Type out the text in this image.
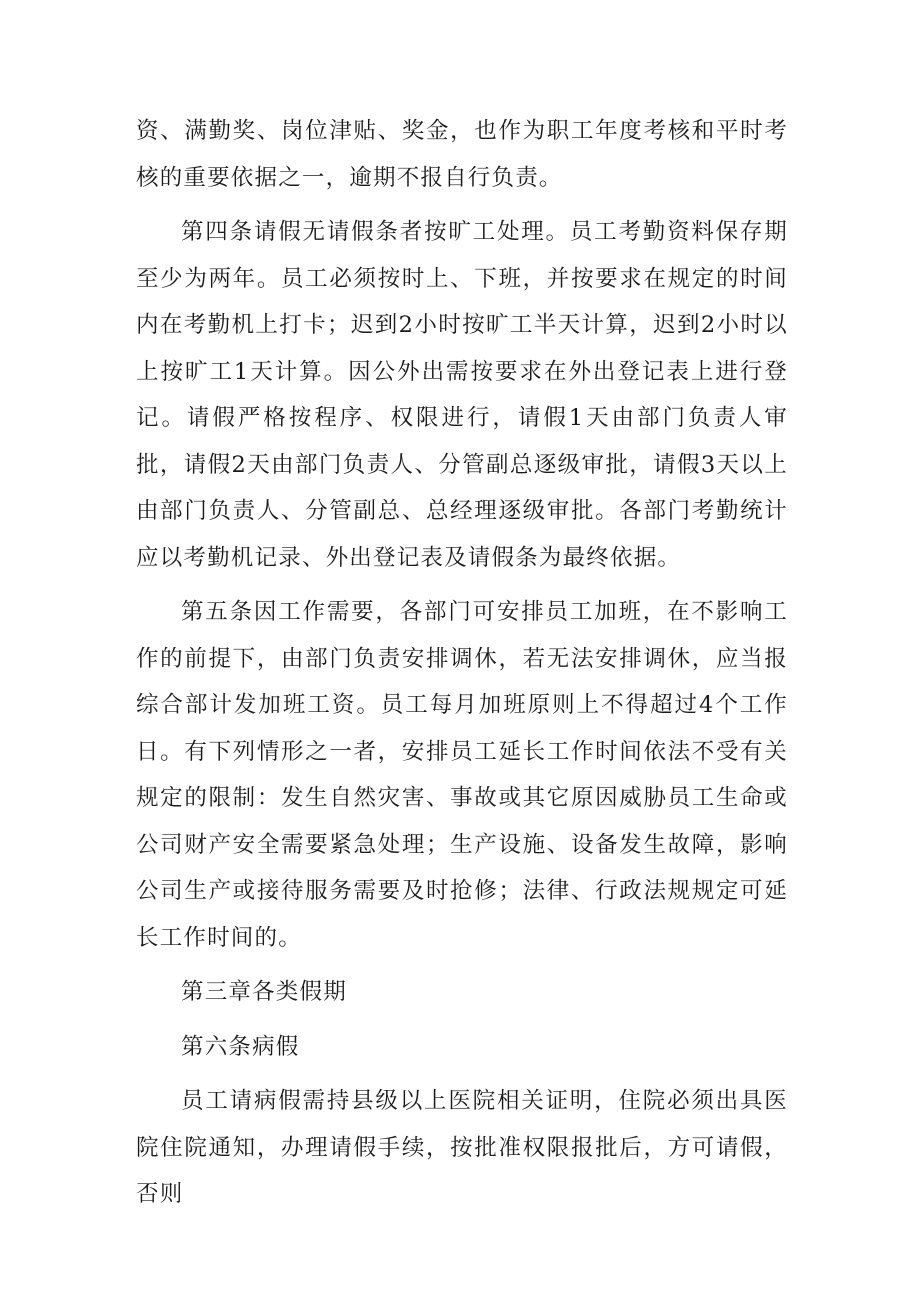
资、满勤奖、岗位津贴、奖金，也作为职工年度考核和平时考核的重要依据之一，逾期不报自行负责。

第四条请假无请假条者按旷工处理。员工考勤资料保存期至少为两年。员工必须按时上、下班，并按要求在规定的时间内在考勤机上打卡；迟到2小时按旷工半天计算，迟到2小时以上按旷工1天计算。因公外出需按要求在外出登记表上进行登记。请假严格按程序、权限进行，请假1天由部门负责人审批，请假2天由部门负责人、分管副总逐级审批，请假3天以上由部门负责人、分管副总、总经理逐级审批。各部门考勤统计应以考勤机记录、外出登记表及请假条为最终依据。

第五条因工作需要，各部门可安排员工加班，在不影响工作的前提下，由部门负责安排调休，若无法安排调休，应当报综合部计发加班工资。员工每月加班原则上不得超过4个工作日。有下列情形之一者，安排员工延长工作时间依法不受有关规定的限制：发生自然灾害、事故或其它原因威胁员工生命或公司财产安全需要紧急处理；生产设施、设备发生故障，影响公司生产或接待服务需要及时抢修；法律、行政法规规定可延长工作时间的。

第三章各类假期

第六条病假

员工请病假需持县级以上医院相关证明，住院必须出具医院住院通知，办理请假手续，按批准权限报批后，方可请假，否则
